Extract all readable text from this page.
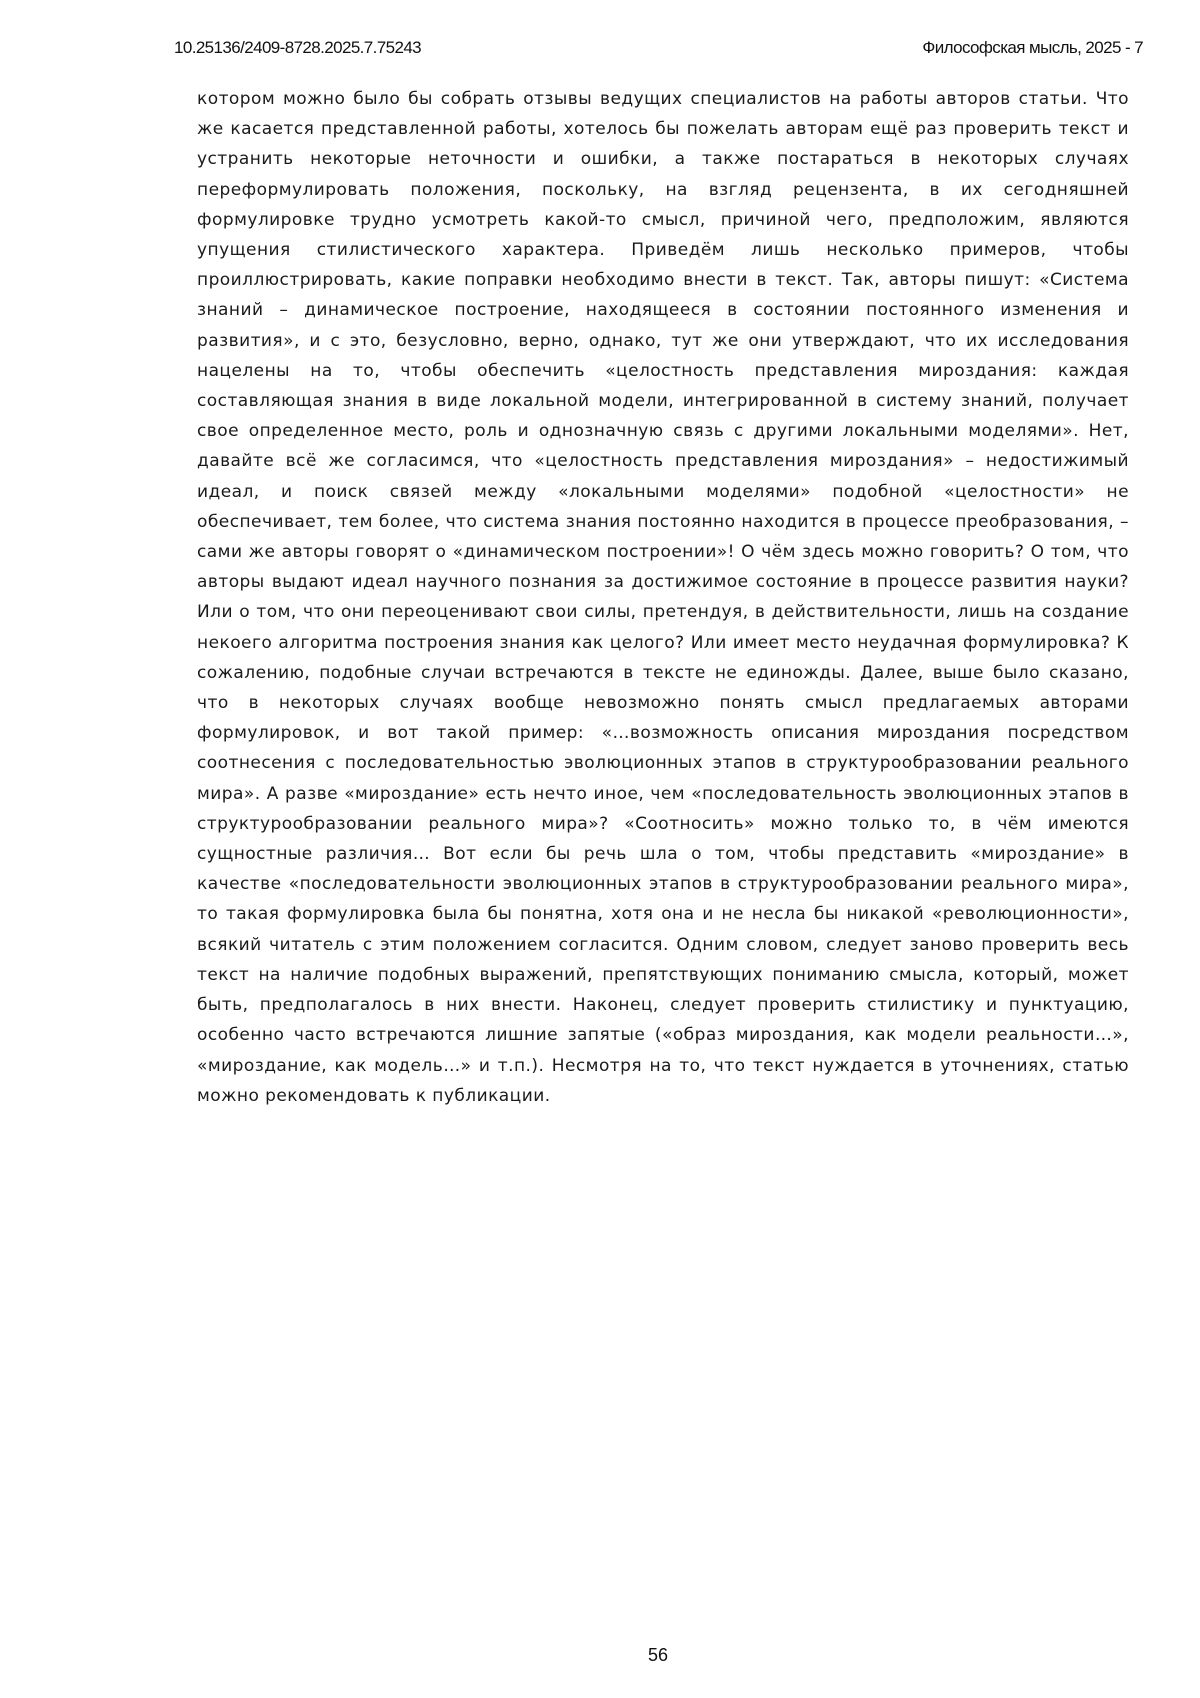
10.25136/2409-8728.2025.7.75243	Философская мысль, 2025 - 7

котором можно было бы собрать отзывы ведущих специалистов на работы авторов статьи. Что же касается представленной работы, хотелось бы пожелать авторам ещё раз проверить текст и устранить некоторые неточности и ошибки, а также постараться в некоторых случаях переформулировать положения, поскольку, на взгляд рецензента, в их сегодняшней формулировке трудно усмотреть какой-то смысл, причиной чего, предположим, являются упущения стилистического характера. Приведём лишь несколько примеров, чтобы проиллюстрировать, какие поправки необходимо внести в текст. Так, авторы пишут: «Система знаний – динамическое построение, находящееся в состоянии постоянного изменения и развития», и с это, безусловно, верно, однако, тут же они утверждают, что их исследования нацелены на то, чтобы обеспечить «целостность представления мироздания: каждая составляющая знания в виде локальной модели, интегрированной в систему знаний, получает свое определенное место, роль и однозначную связь с другими локальными моделями». Нет, давайте всё же согласимся, что «целостность представления мироздания» – недостижимый идеал, и поиск связей между «локальными моделями» подобной «целостности» не обеспечивает, тем более, что система знания постоянно находится в процессе преобразования, – сами же авторы говорят о «динамическом построении»! О чём здесь можно говорить? О том, что авторы выдают идеал научного познания за достижимое состояние в процессе развития науки? Или о том, что они переоценивают свои силы, претендуя, в действительности, лишь на создание некоего алгоритма построения знания как целого? Или имеет место неудачная формулировка? К сожалению, подобные случаи встречаются в тексте не единожды. Далее, выше было сказано, что в некоторых случаях вообще невозможно понять смысл предлагаемых авторами формулировок, и вот такой пример: «…возможность описания мироздания посредством соотнесения с последовательностью эволюционных этапов в структурообразовании реального мира». А разве «мироздание» есть нечто иное, чем «последовательность эволюционных этапов в структурообразовании реального мира»? «Соотносить» можно только то, в чём имеются сущностные различия… Вот если бы речь шла о том, чтобы представить «мироздание» в качестве «последовательности эволюционных этапов в структурообразовании реального мира», то такая формулировка была бы понятна, хотя она и не несла бы никакой «революционности», всякий читатель с этим положением согласится. Одним словом, следует заново проверить весь текст на наличие подобных выражений, препятствующих пониманию смысла, который, может быть, предполагалось в них внести. Наконец, следует проверить стилистику и пунктуацию, особенно часто встречаются лишние запятые («образ мироздания, как модели реальности…», «мироздание, как модель…» и т.п.). Несмотря на то, что текст нуждается в уточнениях, статью можно рекомендовать к публикации.

56
